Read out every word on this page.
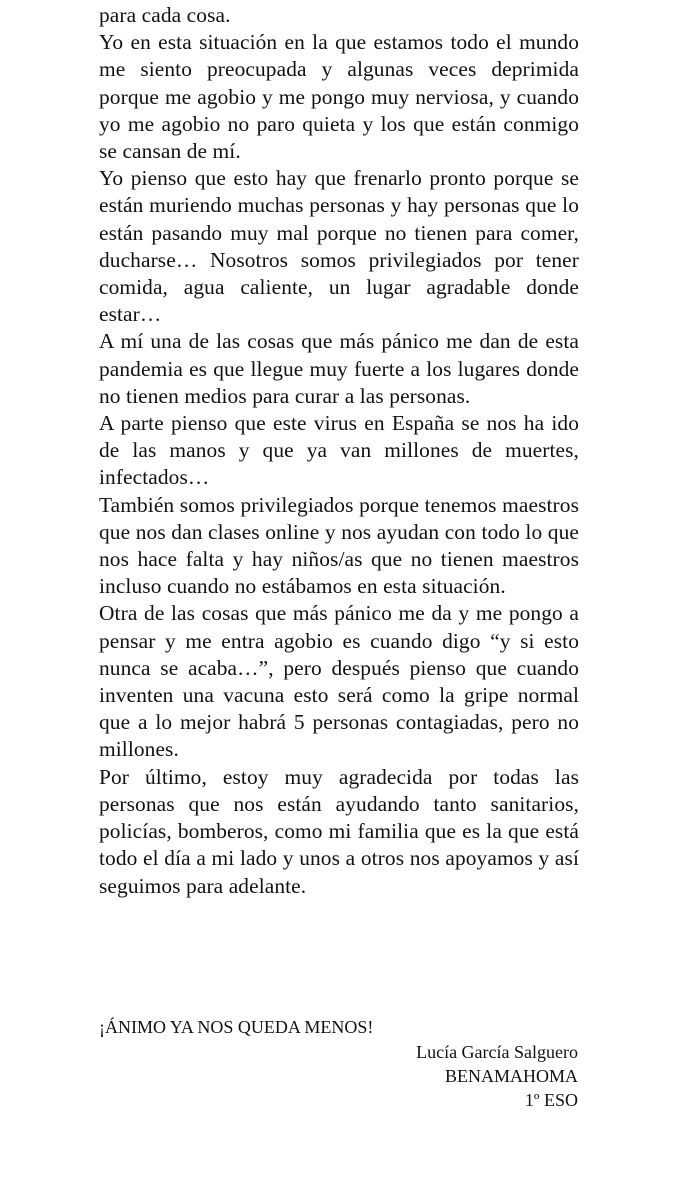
para cada cosa.

Yo en esta situación en la que estamos todo el mundo me siento preocupada y algunas veces deprimida porque me agobio y me pongo muy nerviosa, y cuando yo me agobio no paro quieta y los que están conmigo se cansan de mí.

Yo pienso que esto hay que frenarlo pronto porque se están muriendo muchas personas y hay personas que lo están pasando muy mal porque no tienen para comer, ducharse… Nosotros somos privilegiados por tener comida, agua caliente, un lugar agradable donde estar…

A mí una de las cosas que más pánico me dan de esta pandemia es que llegue muy fuerte a los lugares donde no tienen medios para curar a las personas.

A parte pienso que este virus en España se nos ha ido de las manos y que ya van millones de muertes, infectados…

También somos privilegiados porque tenemos maestros que nos dan clases online y nos ayudan con todo lo que nos hace falta y hay niños/as que no tienen maestros incluso cuando no estábamos en esta situación.

Otra de las cosas que más pánico me da y me pongo a pensar y me entra agobio es cuando digo “y si esto nunca se acaba…”, pero después pienso que cuando inventen una vacuna esto será como la gripe normal que a lo mejor habrá 5 personas contagiadas, pero no millones.

Por último, estoy muy agradecida por todas las personas que nos están ayudando tanto sanitarios, policías, bomberos, como mi familia que es la que está todo el día a mi lado y unos a otros nos apoyamos y así seguimos para adelante.

¡ÁNIMO YA NOS QUEDA MENOS!

Lucía García Salguero
BENAMAHOMA
1º ESO
